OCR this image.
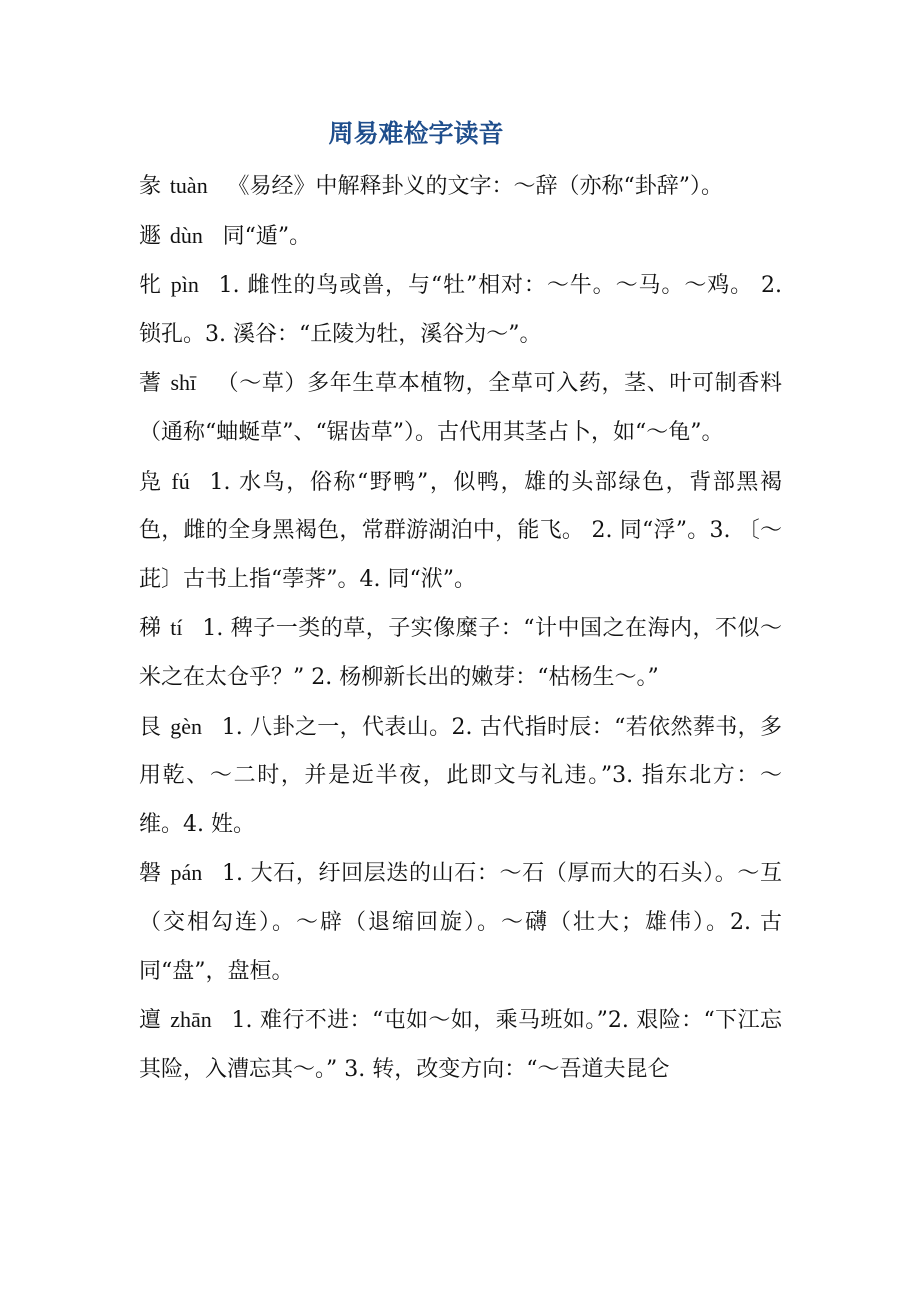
周易难检字读音

彖 tuàn 《易经》中解释卦义的文字：～辞（亦称“卦辞”）。

遯 dùn 同“遁”。

牝 pìn 1. 雌性的鸟或兽，与“牡”相对：～牛。～马。～鸡。 2. 锁孔。3. 溪谷：“丘陵为牡，溪谷为～”。

蓍 shī （～草）多年生草本植物，全草可入药，茎、叶可制香料（通称“蚰蜒草”、“锯齿草”）。古代用其茎占卜，如“～龟”。

凫 fú 1. 水鸟，俗称“野鸭”，似鸭，雄的头部绿色，背部黑褐色，雌的全身黑褐色，常群游湖泊中，能飞。 2. 同“浮”。3. 〔～茈〕古书上指“荸荠”。4. 同“洑”。

稊 tí 1. 稗子一类的草，子实像糜子：“计中国之在海内，不似～米之在太仓乎？” 2. 杨柳新长出的嫩芽：“枯杨生～。”

艮 gèn 1. 八卦之一，代表山。2. 古代指时辰：“若依然葬书，多用乾、～二时，并是近半夜，此即文与礼违。”3. 指东北方：～维。4. 姓。

磐 pán 1. 大石，纡回层迭的山石：～石（厚而大的石头）。～互（交相勾连）。～辟（退缩回旋）。～礴（壮大；雄伟）。2. 古同“盘”，盘桓。

邅 zhān 1. 难行不进：“屯如～如，乘马班如。”2. 艰险：“下江忘其险，入漕忘其～。” 3. 转，改变方向：“～吾道夫昆仑
